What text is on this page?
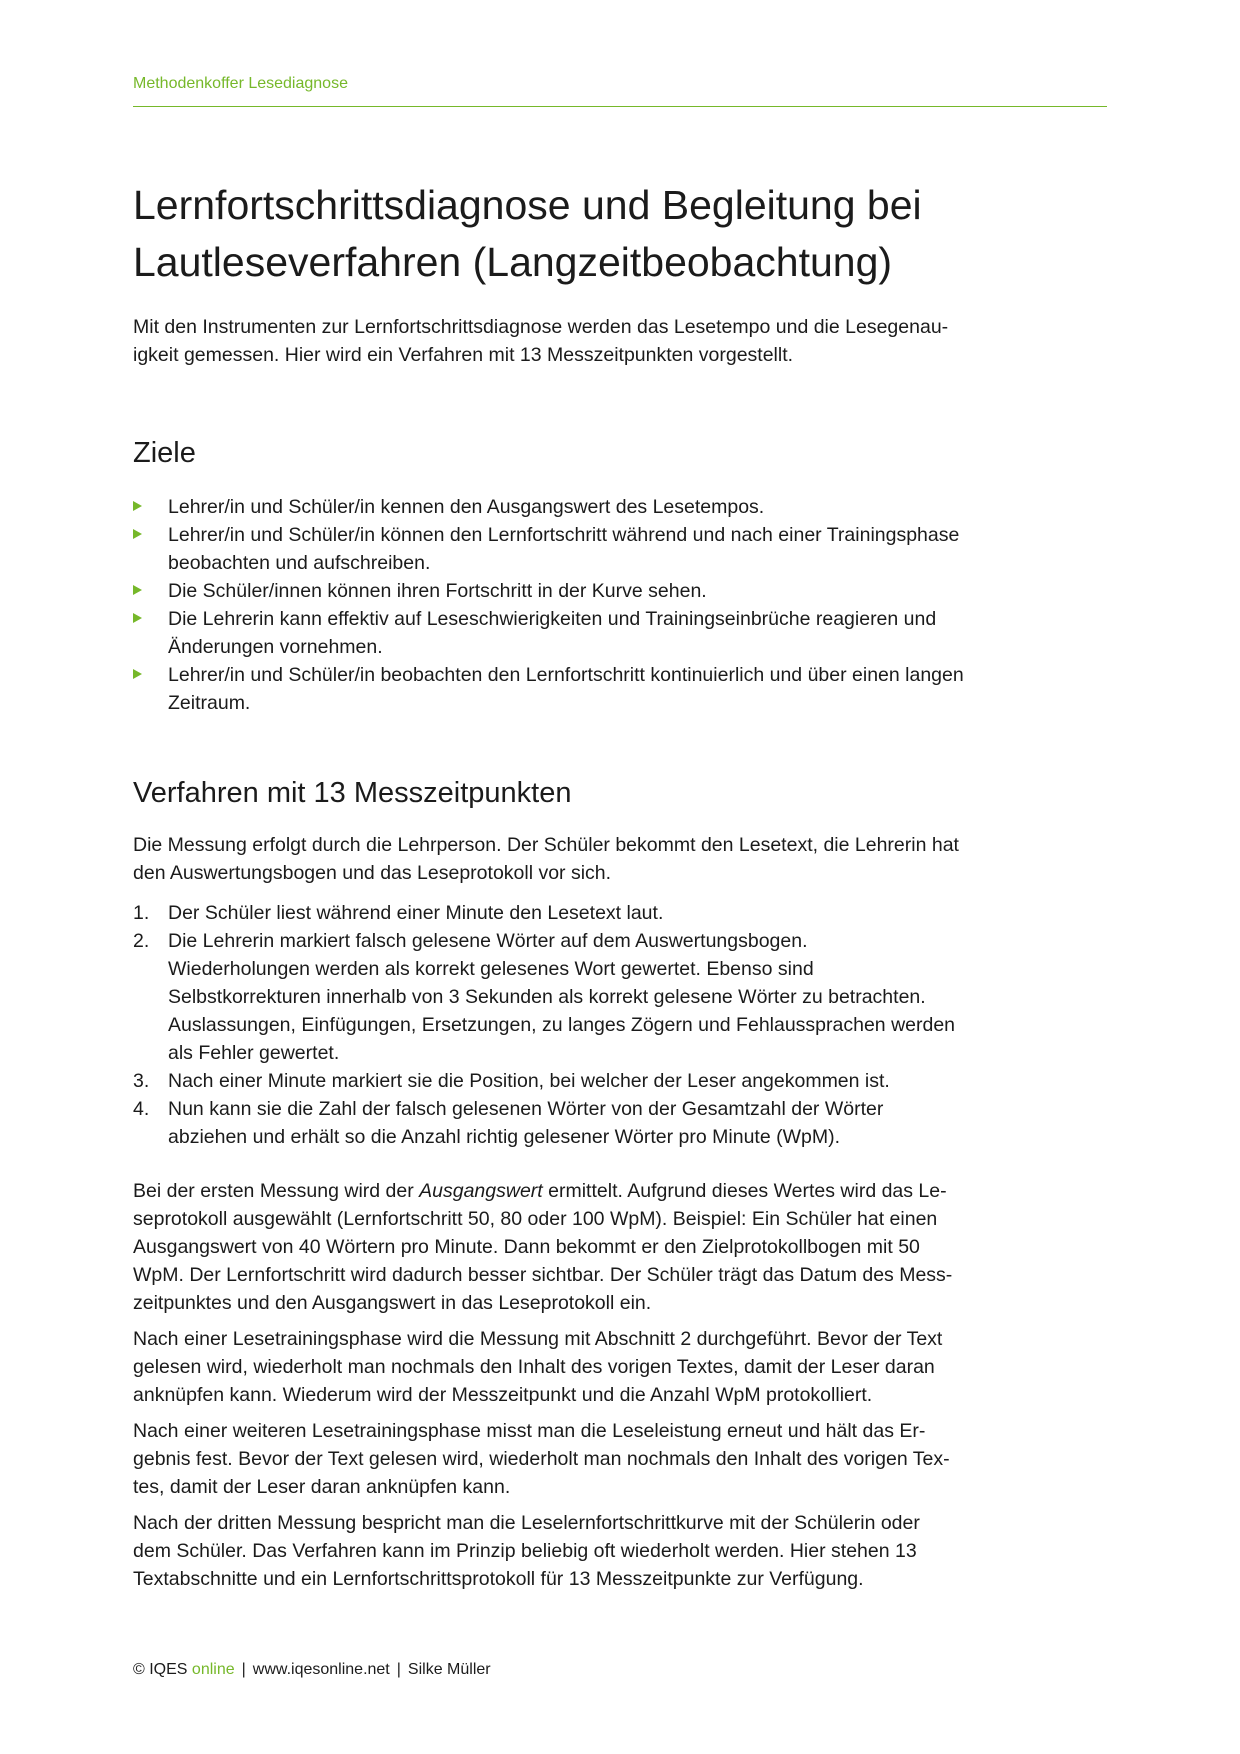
Methodenkoffer Lesediagnose
Lernfortschrittsdiagnose und Begleitung bei
Lautleseverfahren (Langzeitbeobachtung)
Mit den Instrumenten zur Lernfortschrittsdiagnose werden das Lesetempo und die Lesegenau-
igkeit gemessen. Hier wird ein Verfahren mit 13 Messzeitpunkten vorgestellt.
Ziele
Lehrer/in und Schüler/in kennen den Ausgangswert des Lesetempos.
Lehrer/in und Schüler/in können den Lernfortschritt während und nach einer Trainingsphase
beobachten und aufschreiben.
Die Schüler/innen können ihren Fortschritt in der Kurve sehen.
Die Lehrerin kann effektiv auf Leseschwierigkeiten und Trainingseinbrüche reagieren und
Änderungen vornehmen.
Lehrer/in und Schüler/in beobachten den Lernfortschritt kontinuierlich und über einen langen
Zeitraum.
Verfahren mit 13 Messzeitpunkten
Die Messung erfolgt durch die Lehrperson. Der Schüler bekommt den Lesetext, die Lehrerin hat
den Auswertungsbogen und das Leseprotokoll vor sich.
1. Der Schüler liest während einer Minute den Lesetext laut.
2. Die Lehrerin markiert falsch gelesene Wörter auf dem Auswertungsbogen.
Wiederholungen werden als korrekt gelesenes Wort gewertet. Ebenso sind
Selbstkorrekturen innerhalb von 3 Sekunden als korrekt gelesene Wörter zu betrachten.
Auslassungen, Einfügungen, Ersetzungen, zu langes Zögern und Fehlaussprachen werden
als Fehler gewertet.
3. Nach einer Minute markiert sie die Position, bei welcher der Leser angekommen ist.
4. Nun kann sie die Zahl der falsch gelesenen Wörter von der Gesamtzahl der Wörter
abziehen und erhält so die Anzahl richtig gelesener Wörter pro Minute (WpM).
Bei der ersten Messung wird der Ausgangswert ermittelt. Aufgrund dieses Wertes wird das Le-
seprotokoll ausgewählt (Lernfortschritt 50, 80 oder 100 WpM). Beispiel: Ein Schüler hat einen
Ausgangswert von 40 Wörtern pro Minute. Dann bekommt er den Zielprotokollbogen mit 50
WpM. Der Lernfortschritt wird dadurch besser sichtbar. Der Schüler trägt das Datum des Mess-
zeitpunktes und den Ausgangswert in das Leseprotokoll ein.
Nach einer Lesetrainingsphase wird die Messung mit Abschnitt 2 durchgeführt. Bevor der Text
gelesen wird, wiederholt man nochmals den Inhalt des vorigen Textes, damit der Leser daran
anknüpfen kann. Wiederum wird der Messzeitpunkt und die Anzahl WpM protokolliert.
Nach einer weiteren Lesetrainingsphase misst man die Leseleistung erneut und hält das Er-
gebnis fest. Bevor der Text gelesen wird, wiederholt man nochmals den Inhalt des vorigen Tex-
tes, damit der Leser daran anknüpfen kann.
Nach der dritten Messung bespricht man die Leselernfortschrittkurve mit der Schülerin oder
dem Schüler. Das Verfahren kann im Prinzip beliebig oft wiederholt werden. Hier stehen 13
Textabschnitte und ein Lernfortschrittsprotokoll für 13 Messzeitpunkte zur Verfügung.
© IQES online | www.iqesonline.net | Silke Müller
